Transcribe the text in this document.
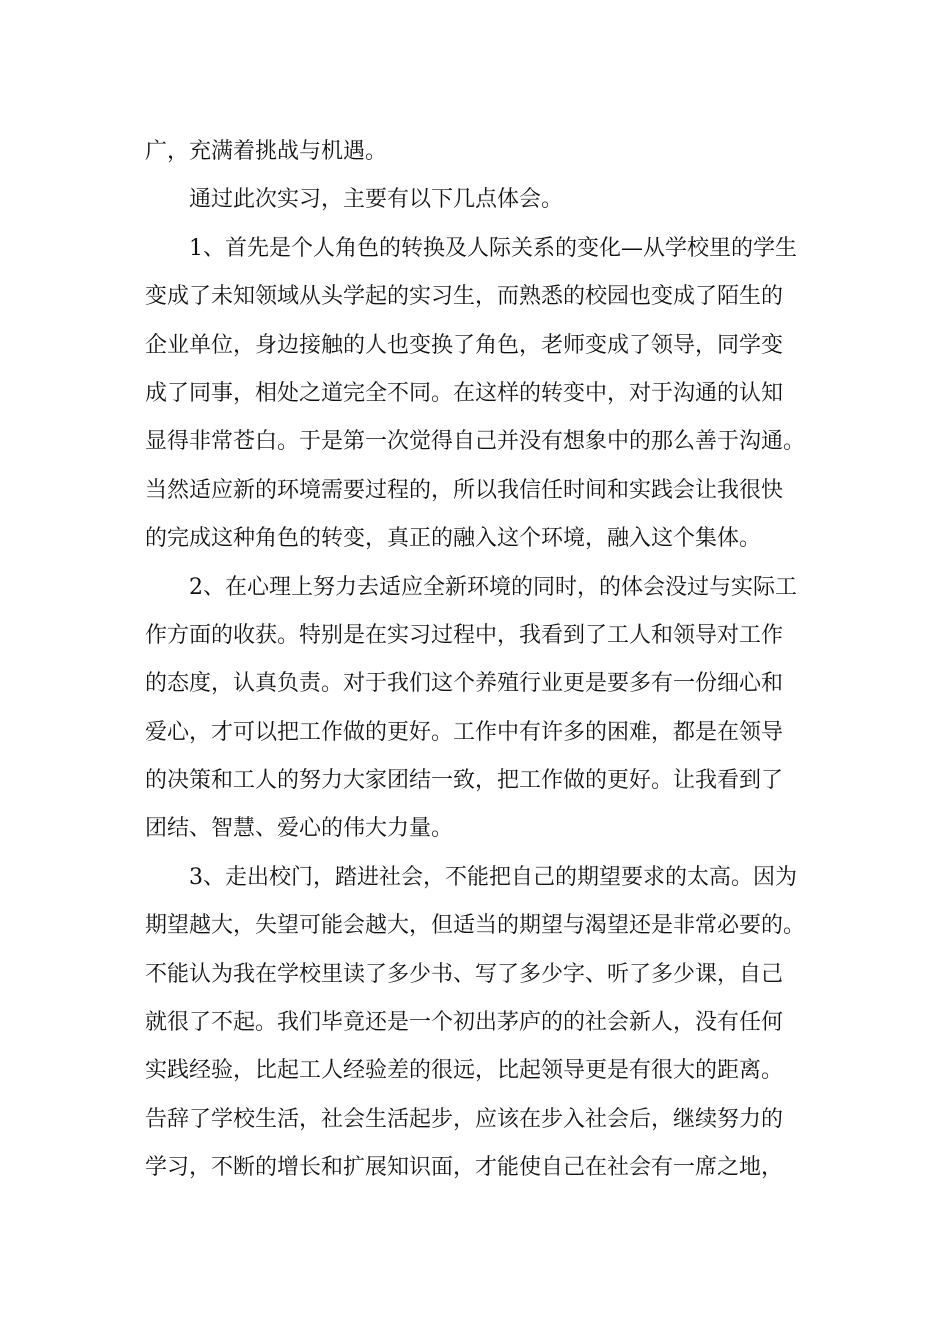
广，充满着挑战与机遇。
通过此次实习，主要有以下几点体会。
1、首先是个人角色的转换及人际关系的变化—从学校里的学生
变成了未知领域从头学起的实习生，而熟悉的校园也变成了陌生的
企业单位，身边接触的人也变换了角色，老师变成了领导，同学变
成了同事，相处之道完全不同。在这样的转变中，对于沟通的认知
显得非常苍白。于是第一次觉得自己并没有想象中的那么善于沟通。
当然适应新的环境需要过程的，所以我信任时间和实践会让我很快
的完成这种角色的转变，真正的融入这个环境，融入这个集体。
2、在心理上努力去适应全新环境的同时，的体会没过与实际工
作方面的收获。特别是在实习过程中，我看到了工人和领导对工作
的态度，认真负责。对于我们这个养殖行业更是要多有一份细心和
爱心，才可以把工作做的更好。工作中有许多的困难，都是在领导
的决策和工人的努力大家团结一致，把工作做的更好。让我看到了
团结、智慧、爱心的伟大力量。
3、走出校门，踏进社会，不能把自己的期望要求的太高。因为
期望越大，失望可能会越大，但适当的期望与渴望还是非常必要的。
不能认为我在学校里读了多少书、写了多少字、听了多少课，自己
就很了不起。我们毕竟还是一个初出茅庐的的社会新人，没有任何
实践经验，比起工人经验差的很远，比起领导更是有很大的距离。
告辞了学校生活，社会生活起步，应该在步入社会后，继续努力的
学习，不断的增长和扩展知识面，才能使自己在社会有一席之地，
